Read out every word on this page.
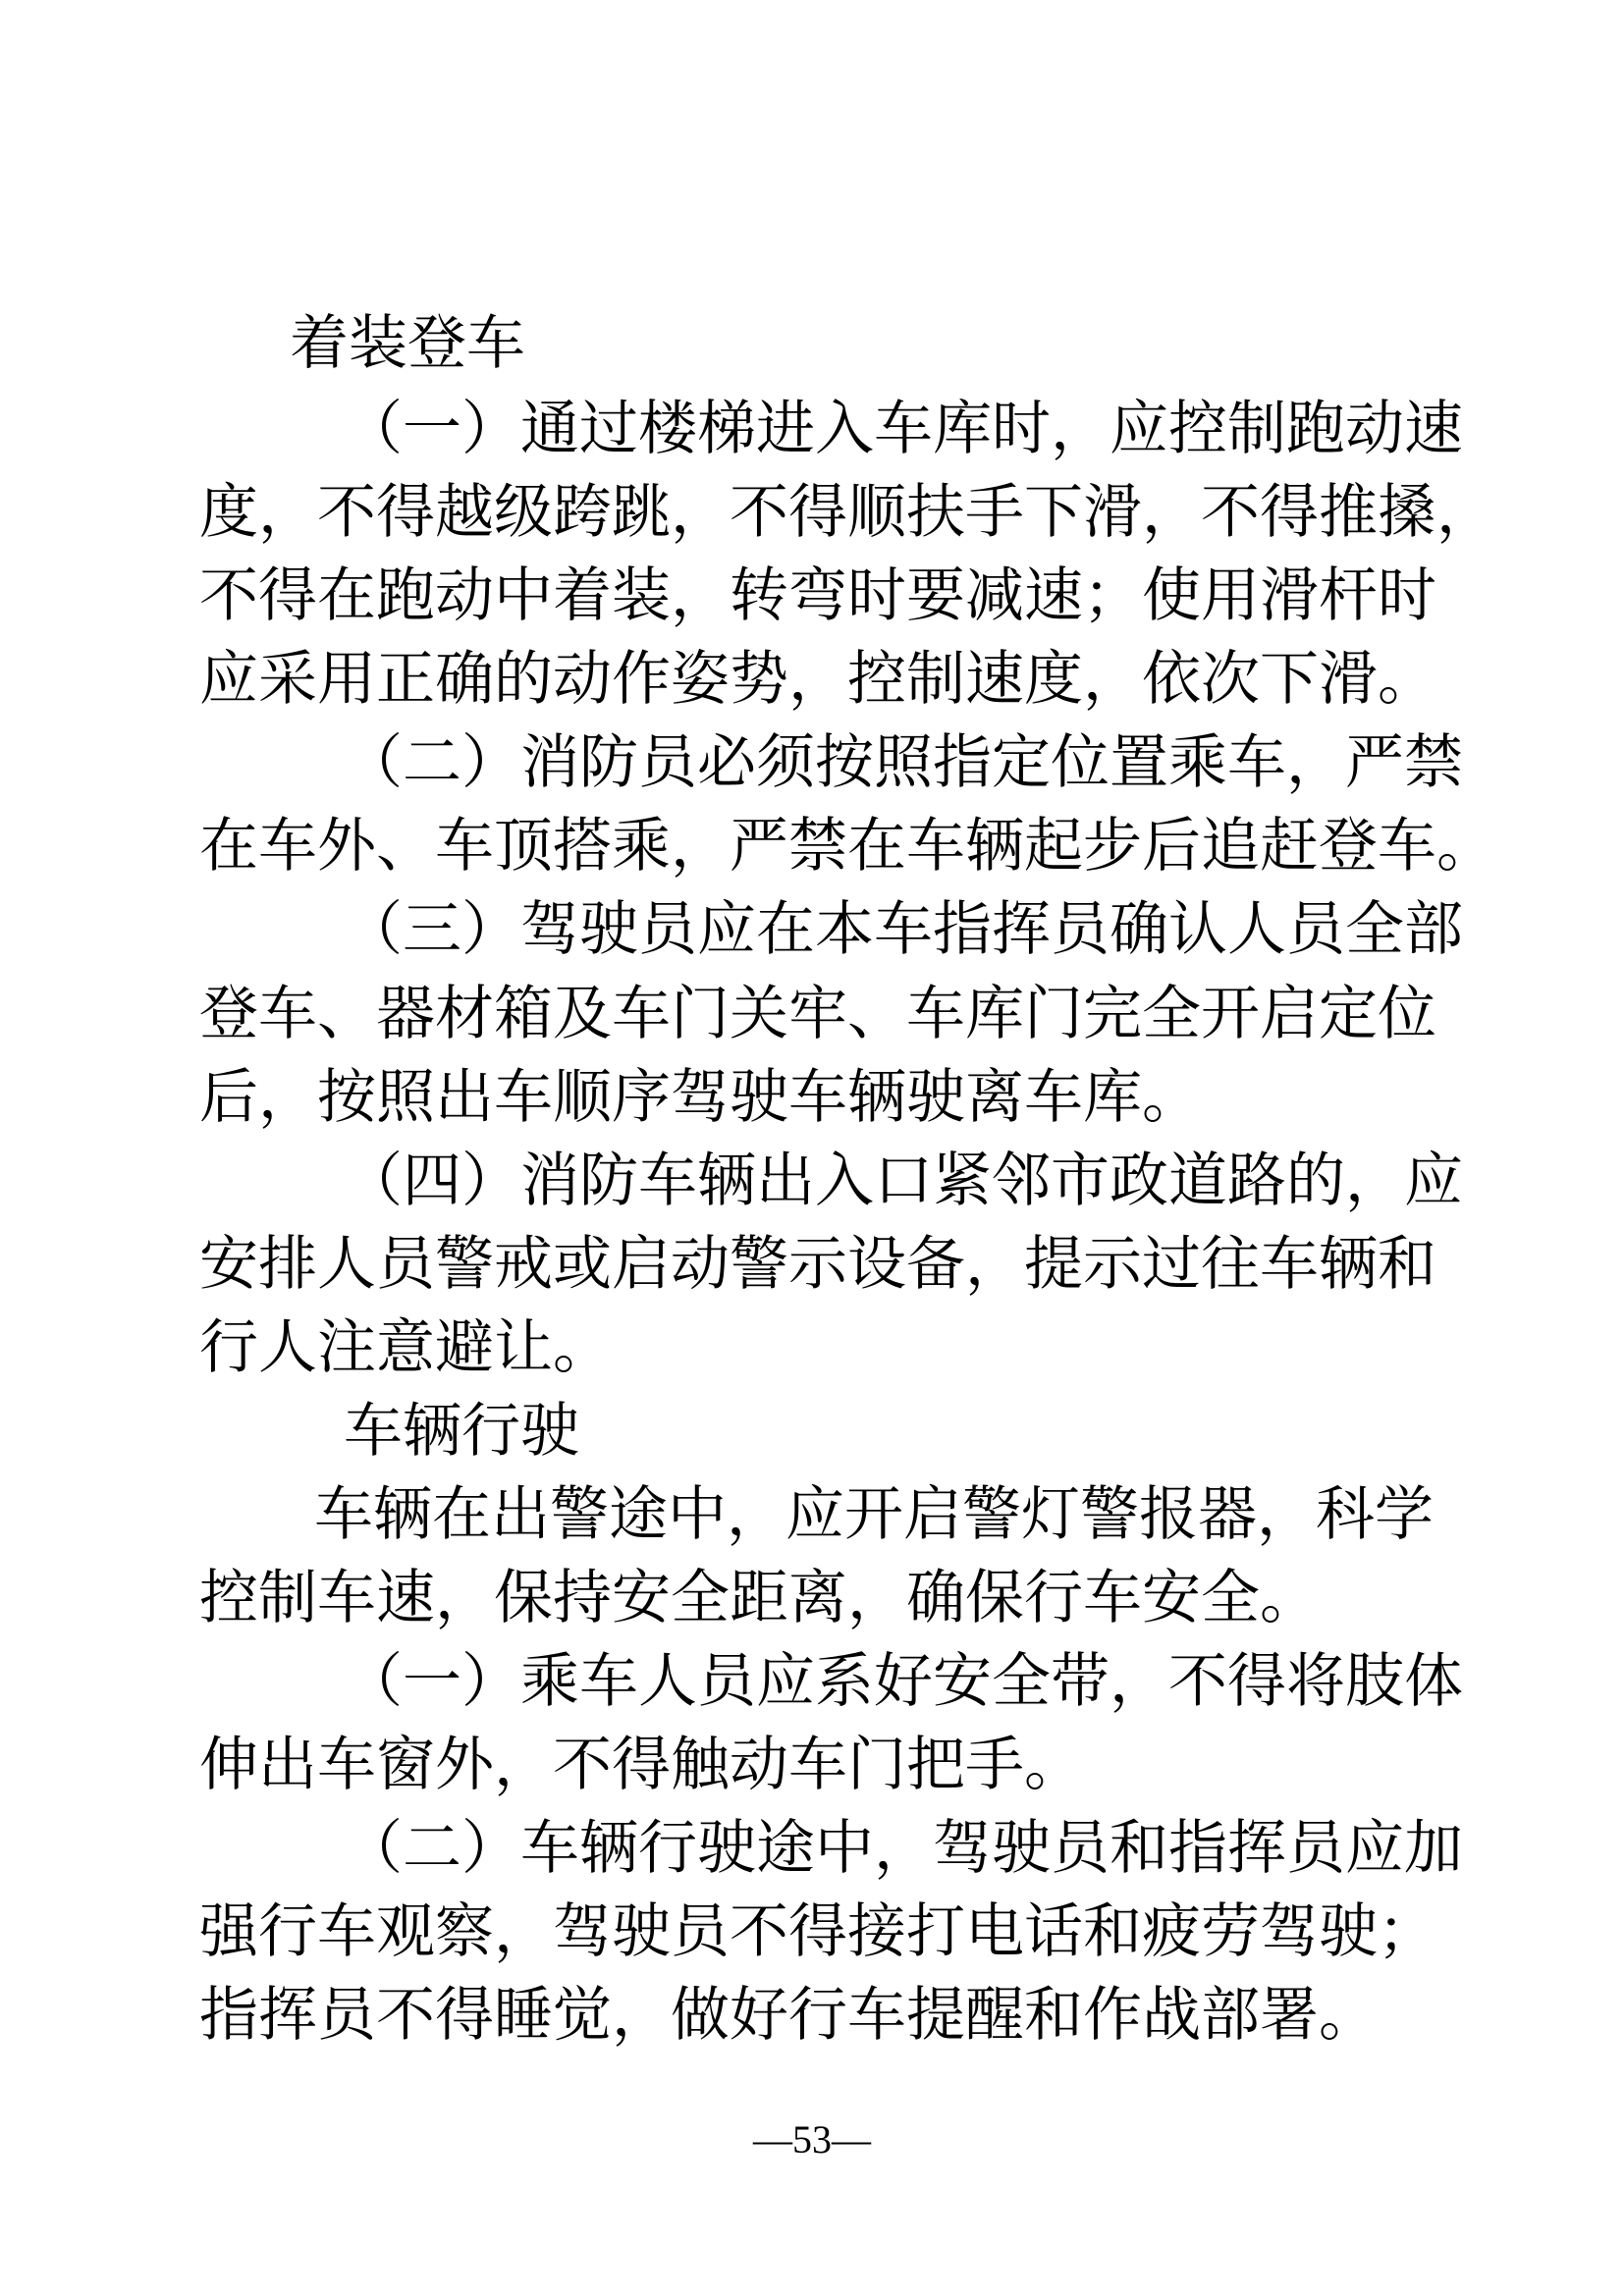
着装登车
（一）通过楼梯进入车库时，应控制跑动速
度，不得越级跨跳，不得顺扶手下滑，不得推搡，
不得在跑动中着装，转弯时要减速；使用滑杆时
应采用正确的动作姿势，控制速度，依次下滑。
（二）消防员必须按照指定位置乘车，严禁
在车外、车顶搭乘，严禁在车辆起步后追赶登车。
（三）驾驶员应在本车指挥员确认人员全部
登车、器材箱及车门关牢、车库门完全开启定位
后，按照出车顺序驾驶车辆驶离车库。
（四）消防车辆出入口紧邻市政道路的，应
安排人员警戒或启动警示设备，提示过往车辆和
行人注意避让。
车辆行驶
车辆在出警途中，应开启警灯警报器，科学
控制车速，保持安全距离，确保行车安全。
（一）乘车人员应系好安全带，不得将肢体
伸出车窗外，不得触动车门把手。
（二）车辆行驶途中，驾驶员和指挥员应加
强行车观察，驾驶员不得接打电话和疲劳驾驶；
指挥员不得睡觉，做好行车提醒和作战部署。
—53—
